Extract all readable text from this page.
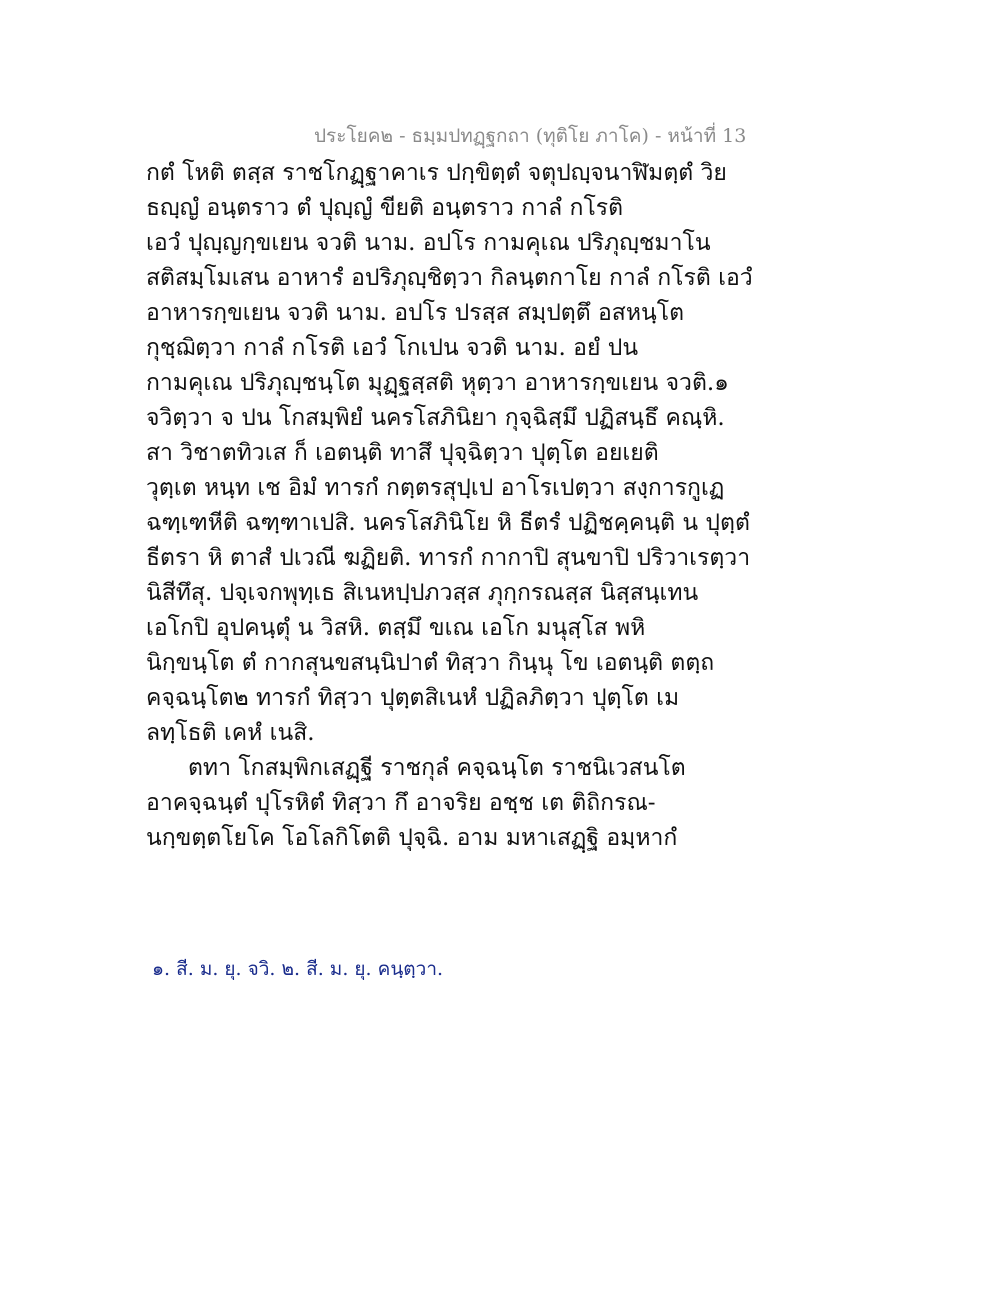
ประโยค๒ - ธมฺมปทฏฺฐกถา (ทุติโย ภาโค) - หน้าที่ 13
กตํ โหติ ตสฺส ราชโกฏฺฐาคาเร ปกฺขิตฺตํ จตุปญฺจนาฬิมตฺตํ วิย
ธญฺญํ อนฺตราว ตํ ปุญฺญํ ขียติ อนฺตราว กาลํ กโรติ
เอวํ ปุญฺญกฺขเยน จวติ นาม. อปโร กามคุเณ ปริภุญฺชมาโน
สติสมฺโมเสน อาหารํ อปริภุญฺชิตฺวา กิลนฺตกาโย กาลํ กโรติ เอวํ
อาหารกฺขเยน จวติ นาม. อปโร ปรสฺส สมฺปตฺตึ อสหนฺโต
กุชฺฌิตฺวา กาลํ กโรติ เอวํ โกเปน จวติ นาม. อยํ ปน
กามคุเณ ปริภุญฺชนฺโต มุฏฺฐสฺสติ หุตฺวา อาหารกฺขเยน จวติ.๑
จวิตฺวา จ ปน โกสมฺพิยํ นครโสภินิยา กุจฺฉิสฺมึ ปฏิสนฺธึ คณฺหิ.
สา วิชาตทิวเส ก็ เอตนฺติ ทาสึ ปุจฺฉิตฺวา ปุตฺโต อยเยติ
วุตฺเต หนฺท เช อิมํ ทารกํ กตฺตรสุปฺเป อาโรเปตฺวา สงฺการกูเฏ
ฉฑฺเฑหีติ ฉฑฺฑาเปสิ. นครโสภินิโย หิ ธีตรํ ปฏิชคฺคนฺติ น ปุตฺตํ
ธีตรา หิ ตาสํ ปเวณี ฆฏิยติ. ทารกํ กากาปิ สุนขาปิ ปริวาเรตฺวา
นิสีทึสุ. ปจฺเจกพุทฺเธ สิเนหปฺปภวสฺส ภุกฺกรณสฺส นิสฺสนฺเทน
เอโกปิ อุปคนฺตุํ น วิสหิ. ตสฺมึ ขเณ เอโก มนุสฺโส พหิ
นิกฺขนฺโต ตํ กากสุนขสนฺนิปาตํ ทิสฺวา กินฺนุ โข เอตนฺติ ตตฺถ
คจฺฉนฺโต๒ ทารกํ ทิสฺวา ปุตฺตสิเนหํ ปฏิลภิตฺวา ปุตฺโต เม
ลทฺโธติ เคหํ เนสิ.
ตทา โกสมฺพิกเสฏฺฐี ราชกุลํ คจฺฉนฺโต ราชนิเวสนโต
อาคจฺฉนฺตํ ปุโรหิตํ ทิสฺวา กึ อาจริย อชฺช เต ติถิกรณ-
นกฺขตฺตโยโค โอโลกิโตติ ปุจฺฉิ. อาม มหาเสฏฺฐิ อมฺหากํ
๑. สี. ม. ยุ. จวิ. ๒. สี. ม. ยุ. คนฺตฺวา.
